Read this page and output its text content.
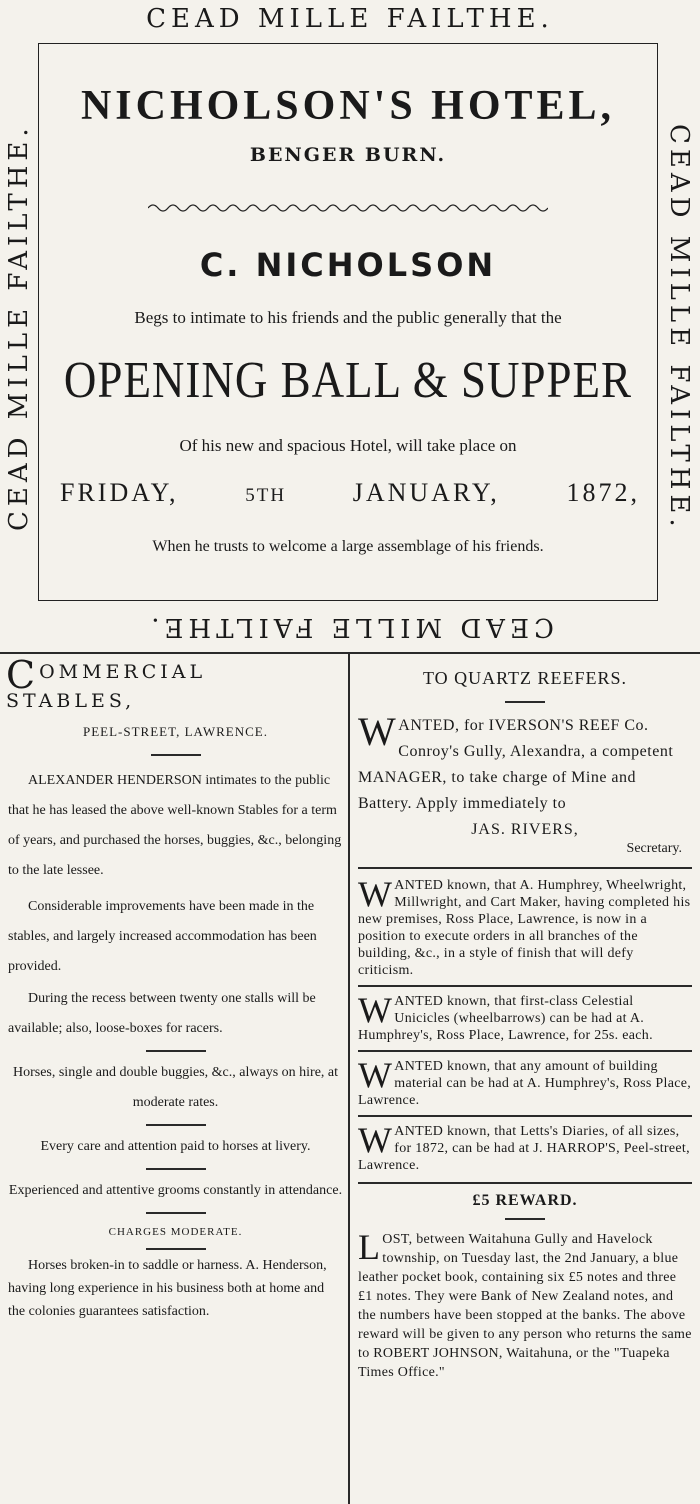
CEAD MILLE FAILTHE.
CEAD MILLE FAILTHE.	CEAD MILLE FAILTHE.
NICHOLSON'S HOTEL,
BENGER BURN.
C. NICHOLSON
Begs to intimate to his friends and the public generally that the
OPENING BALL & SUPPER
Of his new and spacious Hotel, will take place on
FRIDAY,	5TH	JANUARY,	1872,
When he trusts to welcome a large assemblage of his friends.
CEAD MILLE FAILTHE.
COMMERCIAL STABLES,
PEEL-STREET, LAWRENCE.

ALEXANDER HENDERSON intimates to the public that he has leased the above well-known Stables for a term of years, and purchased the horses, buggies, &c., belonging to the late lessee.

Considerable improvements have been made in the stables, and largely increased accommodation has been provided.

During the recess between twenty one stalls will be available; also, loose-boxes for racers.

Horses, single and double buggies, &c., always on hire, at moderate rates.

Every care and attention paid to horses at livery.

Experienced and attentive grooms constantly in attendance.

CHARGES MODERATE.

Horses broken-in to saddle or harness. A. Henderson, having long experience in his business both at home and the colonies guarantees satisfaction.

TO QUARTZ REEFERS.

WANTED, for IVERSON'S REEF Co. Conroy's Gully, Alexandra, a competent MANAGER, to take charge of Mine and Battery. Apply immediately to

JAS. RIVERS,

Secretary.

WANTED known, that A. Humphrey, Wheelwright, Millwright, and Cart Maker, having completed his new premises, Ross Place, Lawrence, is now in a position to execute orders in all branches of the building, &c., in a style of finish that will defy criticism.

WANTED known, that first-class Celestial Unicicles (wheelbarrows) can be had at A. Humphrey's, Ross Place, Lawrence, for 25s. each.

WANTED known, that any amount of building material can be had at A. Humphrey's, Ross Place, Lawrence.

WANTED known, that Letts's Diaries, of all sizes, for 1872, can be had at J. HARROP'S, Peel-street, Lawrence.

£5 REWARD.

LOST, between Waitahuna Gully and Havelock township, on Tuesday last, the 2nd January, a blue leather pocket book, containing six £5 notes and three £1 notes. They were Bank of New Zealand notes, and the numbers have been stopped at the banks. The above reward will be given to any person who returns the same to ROBERT JOHNSON, Waitahuna, or the "Tuapeka Times Office."
